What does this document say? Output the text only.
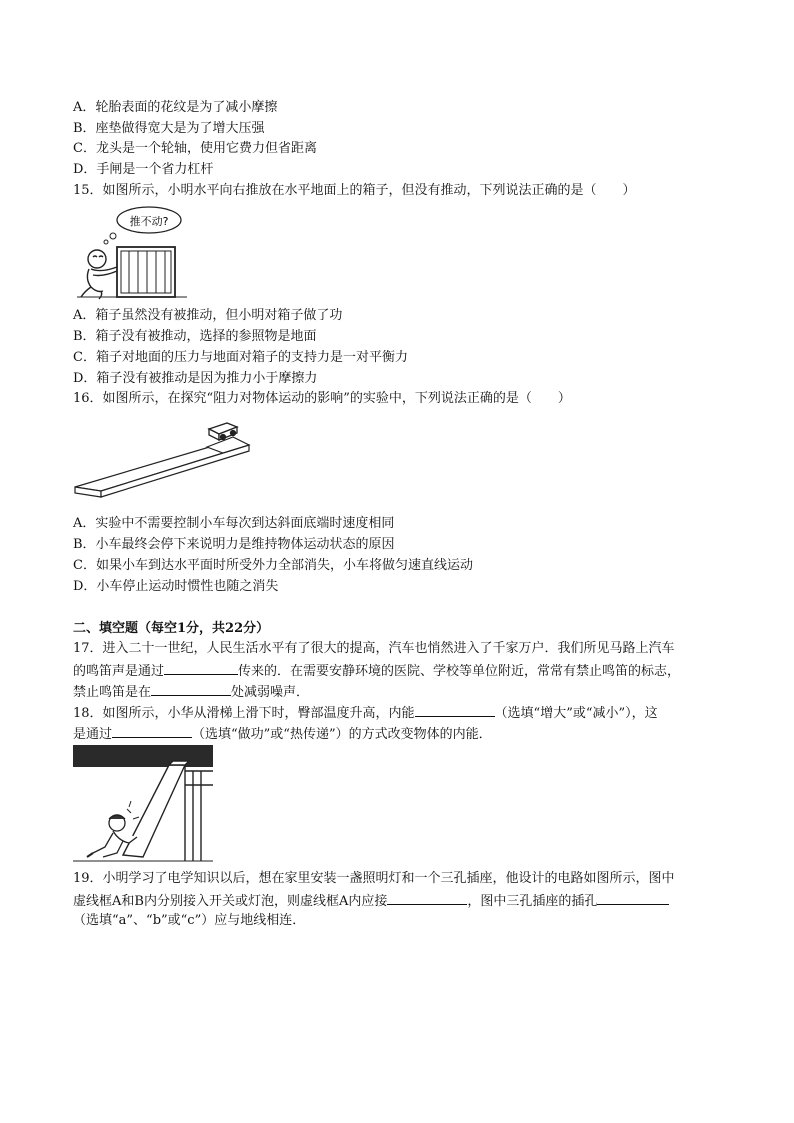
A．轮胎表面的花纹是为了减小摩擦
B．座垫做得宽大是为了增大压强
C．龙头是一个轮轴，使用它费力但省距离
D．手闸是一个省力杠杆
15．如图所示，小明水平向右推放在水平地面上的箱子，但没有推动，下列说法正确的是（　　）
推不动?
A．箱子虽然没有被推动，但小明对箱子做了功
B．箱子没有被推动，选择的参照物是地面
C．箱子对地面的压力与地面对箱子的支持力是一对平衡力
D．箱子没有被推动是因为推力小于摩擦力
16．如图所示，在探究“阻力对物体运动的影响”的实验中，下列说法正确的是（　　）
A．实验中不需要控制小车每次到达斜面底端时速度相同
B．小车最终会停下来说明力是维持物体运动状态的原因
C．如果小车到达水平面时所受外力全部消失，小车将做匀速直线运动
D．小车停止运动时惯性也随之消失
二、填空题（每空1分，共22分）
17．进入二十一世纪，人民生活水平有了很大的提高，汽车也悄然进入了千家万户．我们所见马路上汽车
的鸣笛声是通过	传来的．在需要安静环境的医院、学校等单位附近，常常有禁止鸣笛的标志，
禁止鸣笛是在	处减弱噪声．
18．如图所示，小华从滑梯上滑下时，臀部温度升高，内能	（选填“增大”或“减小”），这
是通过	（选填“做功”或“热传递”）的方式改变物体的内能．
19．小明学习了电学知识以后，想在家里安装一盏照明灯和一个三孔插座，他设计的电路如图所示，图中
虚线框A和B内分别接入开关或灯泡，则虚线框A内应接	，图中三孔插座的插孔
（选填“a”、“b”或“c”）应与地线相连．
